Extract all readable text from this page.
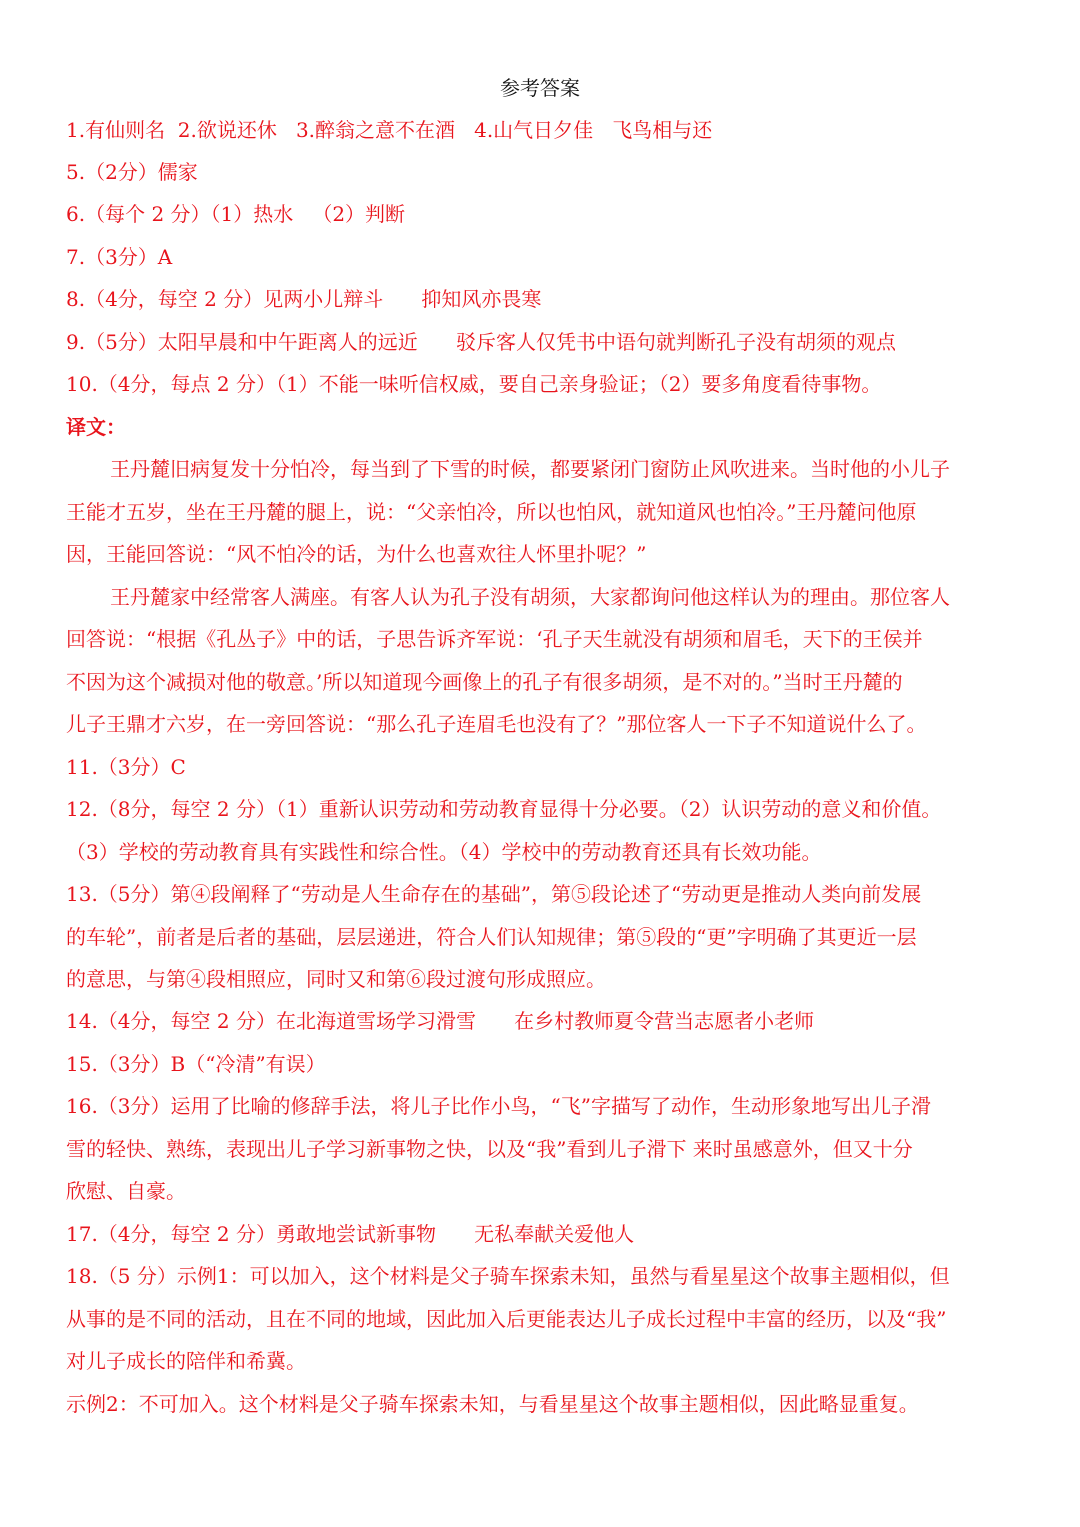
参考答案
1.有仙则名  2.欲说还休   3.醉翁之意不在酒   4.山气日夕佳   飞鸟相与还
5.（2分）儒家
6.（每个 2 分）（1）热水   （2）判断
7.（3分）A
8.（4分，每空 2 分）见两小儿辩斗      抑知风亦畏寒
9.（5分）太阳早晨和中午距离人的远近      驳斥客人仅凭书中语句就判断孔子没有胡须的观点
10.（4分，每点 2 分）（1）不能一味听信权威，要自己亲身验证；（2）要多角度看待事物。
译文：
王丹麓旧病复发十分怕冷，每当到了下雪的时候，都要紧闭门窗防止风吹进来。当时他的小儿子
王能才五岁，坐在王丹麓的腿上，说：“父亲怕冷，所以也怕风，就知道风也怕冷。”王丹麓问他原
因，王能回答说：“风不怕冷的话，为什么也喜欢往人怀里扑呢？”
王丹麓家中经常客人满座。有客人认为孔子没有胡须，大家都询问他这样认为的理由。那位客人
回答说：“根据《孔丛子》中的话，子思告诉齐军说：‘孔子天生就没有胡须和眉毛，天下的王侯并
不因为这个减损对他的敬意。’所以知道现今画像上的孔子有很多胡须，是不对的。”当时王丹麓的
儿子王鼎才六岁，在一旁回答说：“那么孔子连眉毛也没有了？”那位客人一下子不知道说什么了。
11.（3分）C
12.（8分，每空 2 分）（1）重新认识劳动和劳动教育显得十分必要。（2）认识劳动的意义和价值。
（3）学校的劳动教育具有实践性和综合性。（4）学校中的劳动教育还具有长效功能。
13.（5分）第④段阐释了“劳动是人生命存在的基础”，第⑤段论述了“劳动更是推动人类向前发展
的车轮”，前者是后者的基础，层层递进，符合人们认知规律；第⑤段的“更”字明确了其更近一层
的意思，与第④段相照应，同时又和第⑥段过渡句形成照应。
14.（4分，每空 2 分）在北海道雪场学习滑雪      在乡村教师夏令营当志愿者小老师
15.（3分）B（“冷清”有误）
16.（3分）运用了比喻的修辞手法，将儿子比作小鸟，“飞”字描写了动作，生动形象地写出儿子滑
雪的轻快、熟练，表现出儿子学习新事物之快，以及“我”看到儿子滑下 来时虽感意外，但又十分
欣慰、自豪。
17.（4分，每空 2 分）勇敢地尝试新事物      无私奉献关爱他人
18.（5 分）示例1：可以加入，这个材料是父子骑车探索未知，虽然与看星星这个故事主题相似，但
从事的是不同的活动，且在不同的地域，因此加入后更能表达儿子成长过程中丰富的经历，以及“我”
对儿子成长的陪伴和希冀。
示例2：不可加入。这个材料是父子骑车探索未知，与看星星这个故事主题相似，因此略显重复。
